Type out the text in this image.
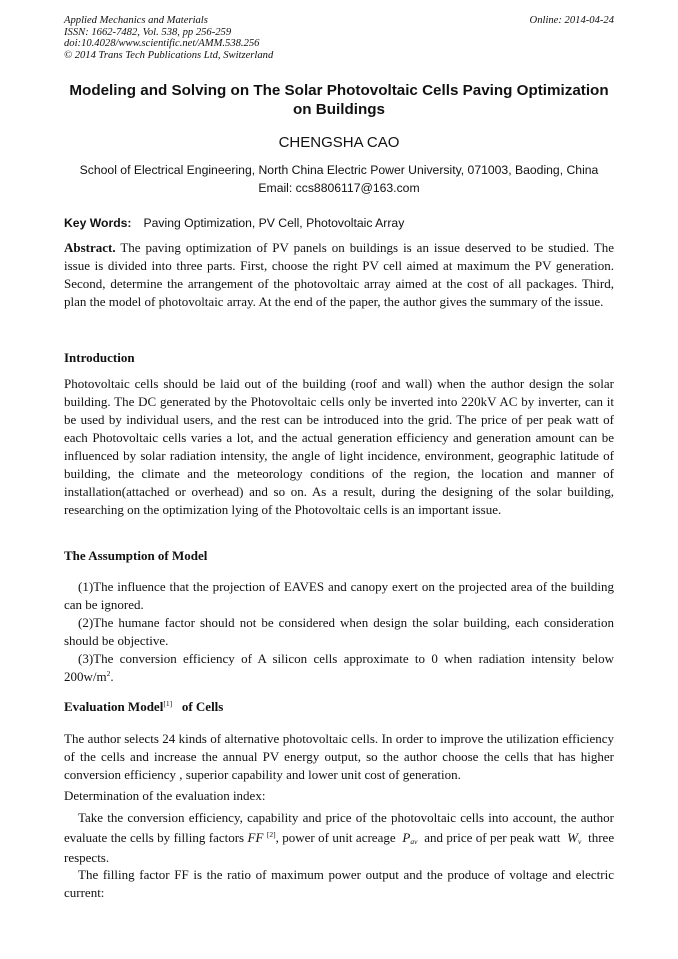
Applied Mechanics and Materials
ISSN: 1662-7482, Vol. 538, pp 256-259
doi:10.4028/www.scientific.net/AMM.538.256
© 2014 Trans Tech Publications Ltd, Switzerland
Online: 2014-04-24
Modeling and Solving on The Solar Photovoltaic Cells Paving Optimization on Buildings
CHENGSHA CAO
School of Electrical Engineering, North China Electric Power University, 071003, Baoding, China
Email: ccs8806117@163.com
Key Words: Paving Optimization, PV Cell, Photovoltaic Array
Abstract. The paving optimization of PV panels on buildings is an issue deserved to be studied. The issue is divided into three parts. First, choose the right PV cell aimed at maximum the PV generation. Second, determine the arrangement of the photovoltaic array aimed at the cost of all packages. Third, plan the model of photovoltaic array. At the end of the paper, the author gives the summary of the issue.
Introduction
Photovoltaic cells should be laid out of the building (roof and wall) when the author design the solar building. The DC generated by the Photovoltaic cells only be inverted into 220kV AC by inverter, can it be used by individual users, and the rest can be introduced into the grid. The price of per peak watt of each Photovoltaic cells varies a lot, and the actual generation efficiency and generation amount can be influenced by solar radiation intensity, the angle of light incidence, environment, geographic latitude of building, the climate and the meteorology conditions of the region, the location and manner of installation(attached or overhead) and so on. As a result, during the designing of the solar building, researching on the optimization lying of the Photovoltaic cells is an important issue.
The Assumption of Model
(1)The influence that the projection of EAVES and canopy exert on the projected area of the building can be ignored.
(2)The humane factor should not be considered when design the solar building, each consideration should be objective.
(3)The conversion efficiency of A silicon cells approximate to 0 when radiation intensity below $200w/m^2$.
Evaluation Model[1] of Cells
The author selects 24 kinds of alternative photovoltaic cells. In order to improve the utilization efficiency of the cells and increase the annual PV energy output, so the author choose the cells that has higher conversion efficiency , superior capability and lower unit cost of generation.
Determination of the evaluation index:
Take the conversion efficiency, capability and price of the photovoltaic cells into account, the author evaluate the cells by filling factors FF [2], power of unit acreage $P_{av}$ and price of per peak watt $W_v$ three respects.
The filling factor FF is the ratio of maximum power output and the produce of voltage and electric current:
